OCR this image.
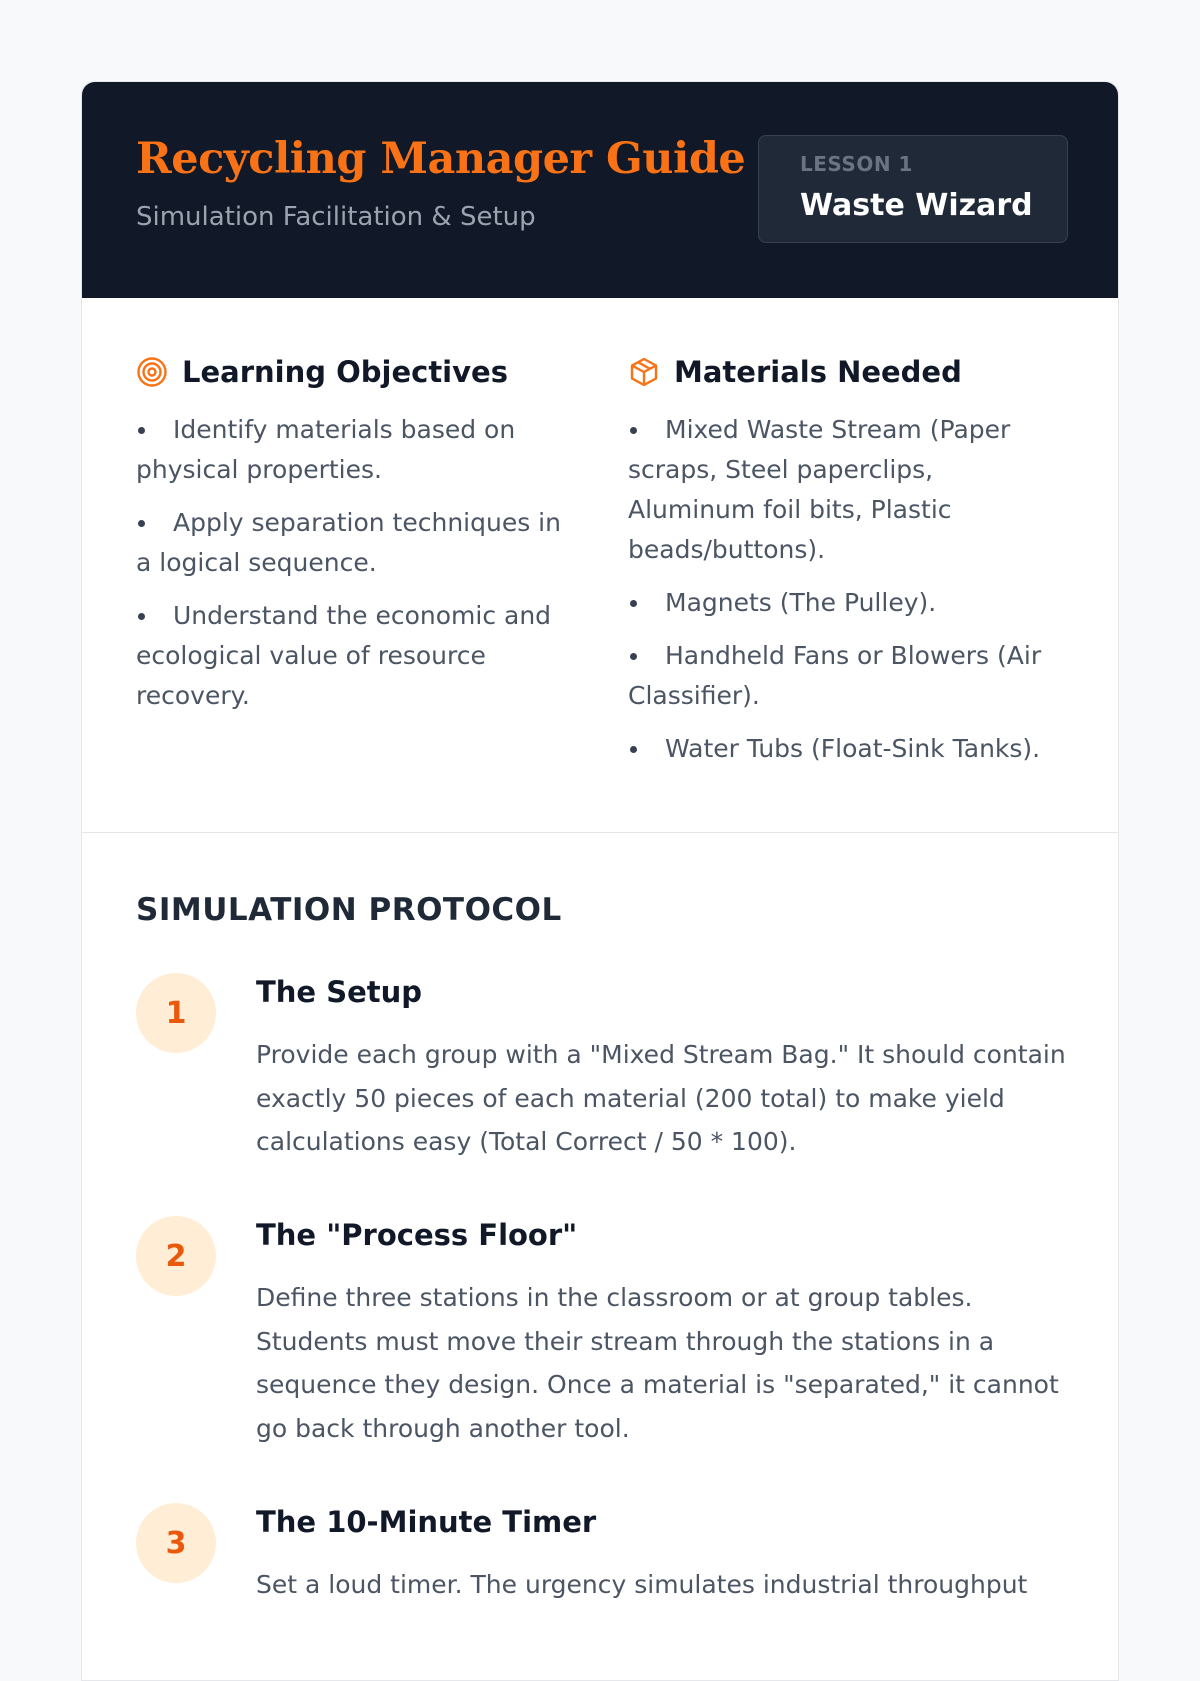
Recycling Manager Guide

Simulation Facilitation & Setup

LESSON 1
Waste Wizard
Learning Objectives
Identify materials based on physical properties.
Apply separation techniques in a logical sequence.
Understand the economic and ecological value of resource recovery.
Materials Needed
Mixed Waste Stream (Paper scraps, Steel paperclips, Aluminum foil bits, Plastic beads/buttons).
Magnets (The Pulley).
Handheld Fans or Blowers (Air Classifier).
Water Tubs (Float-Sink Tanks).
SIMULATION PROTOCOL
1
The Setup

Provide each group with a "Mixed Stream Bag." It should contain exactly 50 pieces of each material (200 total) to make yield calculations easy (Total Correct / 50 * 100).

2
The "Process Floor"

Define three stations in the classroom or at group tables. Students must move their stream through the stations in a sequence they design. Once a material is "separated," it cannot go back through another tool.

3
The 10-Minute Timer

Set a loud timer. The urgency simulates industrial throughput
